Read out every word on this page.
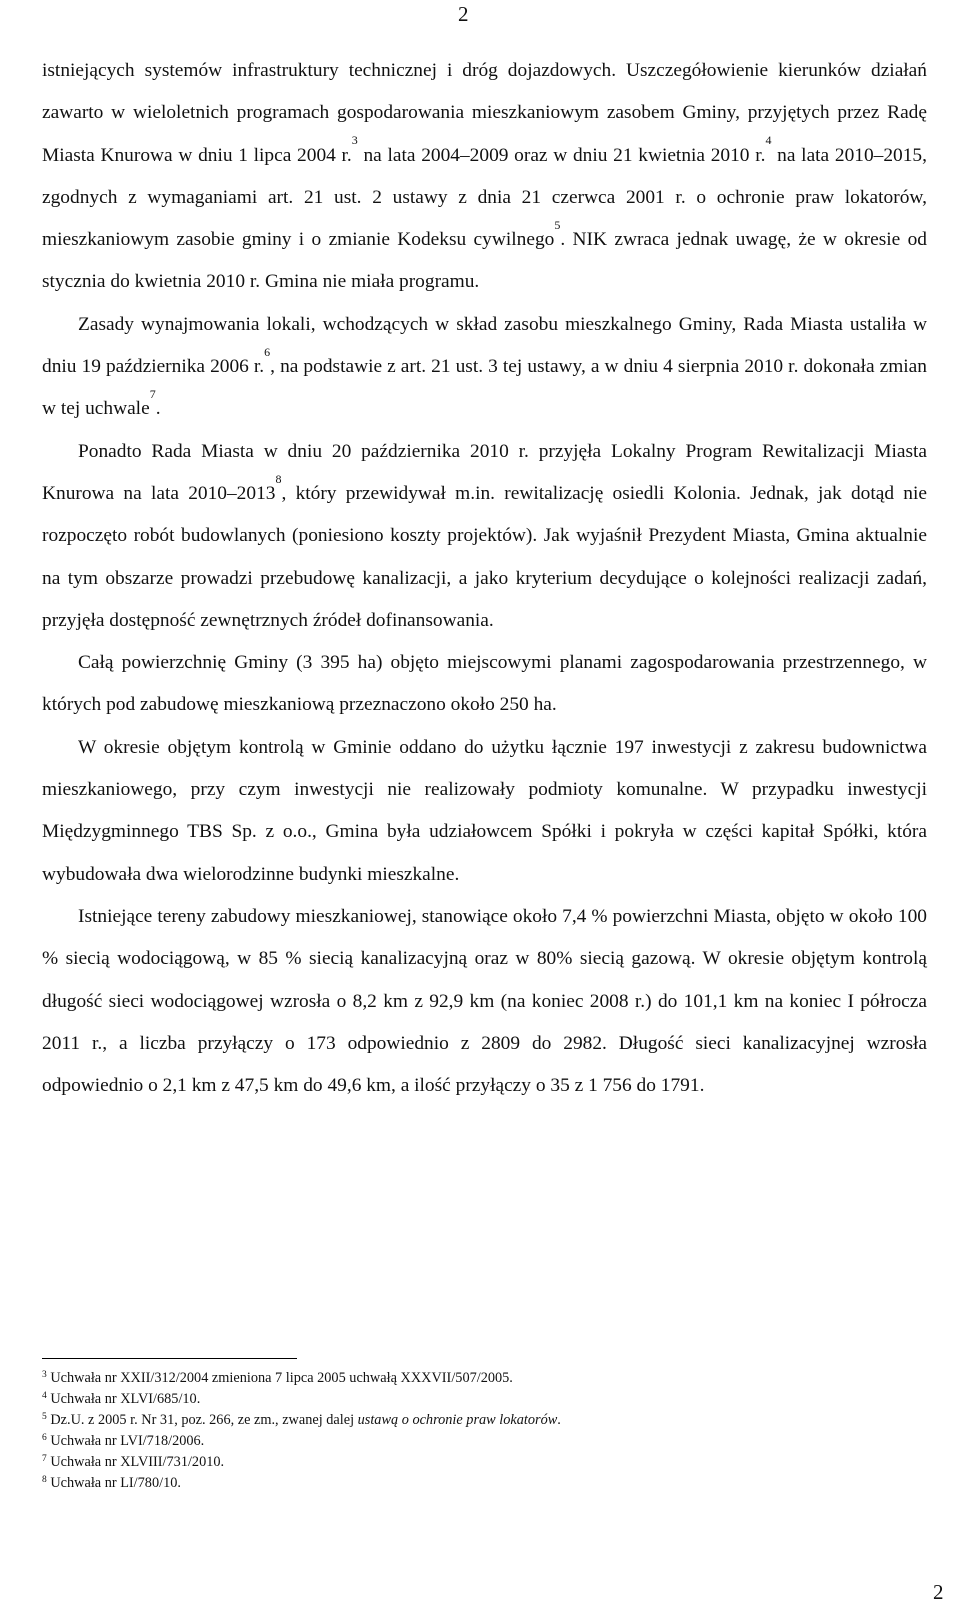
2

istniejących systemów infrastruktury technicznej i dróg dojazdowych. Uszczegółowienie kierunków działań zawarto w wieloletnich programach gospodarowania mieszkaniowym zasobem Gminy, przyjętych przez Radę Miasta Knurowa w dniu 1 lipca 2004 r.$^3$ na lata 2004–2009 oraz w dniu 21 kwietnia 2010 r.$^4$ na lata 2010–2015, zgodnych z wymaganiami art. 21 ust. 2 ustawy z dnia 21 czerwca 2001 r. o ochronie praw lokatorów, mieszkaniowym zasobie gminy i o zmianie Kodeksu cywilnego$^5$. NIK zwraca jednak uwagę, że w okresie od stycznia do kwietnia 2010 r. Gmina nie miała programu.

Zasady wynajmowania lokali, wchodzących w skład zasobu mieszkalnego Gminy, Rada Miasta ustaliła w dniu 19 października 2006 r.$^6$, na podstawie z art. 21 ust. 3 tej ustawy, a w dniu 4 sierpnia 2010 r. dokonała zmian w tej uchwale$^7$.

Ponadto Rada Miasta w dniu 20 października 2010 r. przyjęła Lokalny Program Rewitalizacji Miasta Knurowa na lata 2010–2013$^8$, który przewidywał m.in. rewitalizację osiedli Kolonia. Jednak, jak dotąd nie rozpoczęto robót budowlanych (poniesiono koszty projektów). Jak wyjaśnił Prezydent Miasta, Gmina aktualnie na tym obszarze prowadzi przebudowę kanalizacji, a jako kryterium decydujące o kolejności realizacji zadań, przyjęła dostępność zewnętrznych źródeł dofinansowania.

Całą powierzchnię Gminy (3 395 ha) objęto miejscowymi planami zagospodarowania przestrzennego, w których pod zabudowę mieszkaniową przeznaczono około 250 ha.

W okresie objętym kontrolą w Gminie oddano do użytku łącznie 197 inwestycji z zakresu budownictwa mieszkaniowego, przy czym inwestycji nie realizowały podmioty komunalne. W przypadku inwestycji Międzygminnego TBS Sp. z o.o., Gmina była udziałowcem Spółki i pokryła w części kapitał Spółki, która wybudowała dwa wielorodzinne budynki mieszkalne.

Istniejące tereny zabudowy mieszkaniowej, stanowiące około 7,4 % powierzchni Miasta, objęto w około 100 % siecią wodociągową, w 85 % siecią kanalizacyjną oraz w 80% siecią gazową. W okresie objętym kontrolą długość sieci wodociągowej wzrosła o 8,2 km z 92,9 km (na koniec 2008 r.) do 101,1 km na koniec I półrocza 2011 r., a liczba przyłączy o 173 odpowiednio z 2809 do 2982. Długość sieci kanalizacyjnej wzrosła odpowiednio o 2,1 km z 47,5 km do 49,6 km, a ilość przyłączy o 35 z 1 756 do 1791.

$^3$ Uchwała nr XXII/312/2004 zmieniona 7 lipca 2005 uchwałą XXXVII/507/2005.
$^4$ Uchwała nr XLVI/685/10.
$^5$ Dz.U. z 2005 r. Nr 31, poz. 266, ze zm., zwanej dalej ustawą o ochronie praw lokatorów.
$^6$ Uchwała nr LVI/718/2006.
$^7$ Uchwała nr XLVIII/731/2010.
$^8$ Uchwała nr LI/780/10.
2
